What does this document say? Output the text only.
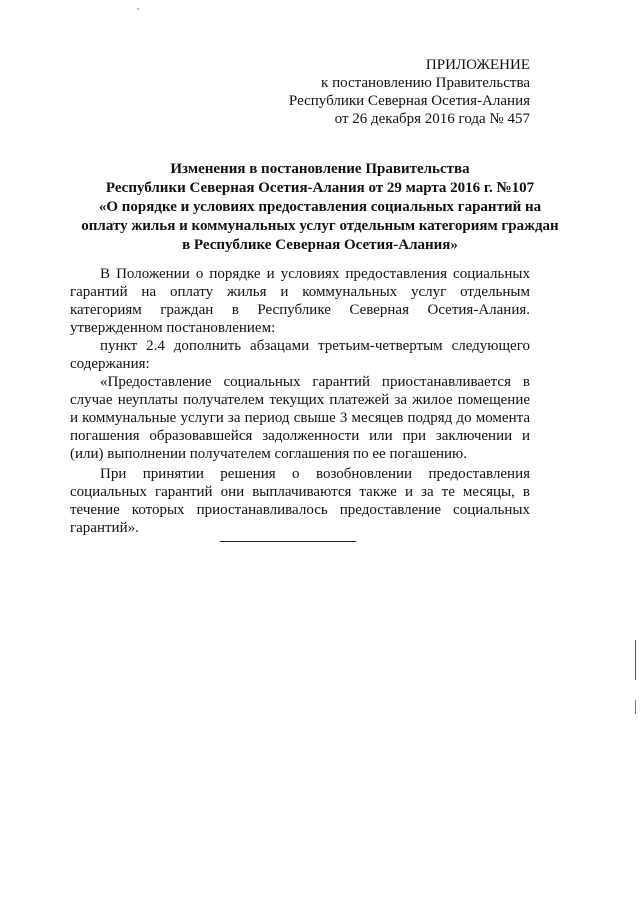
ПРИЛОЖЕНИЕ
к постановлению Правительства
Республики Северная Осетия-Алания
от 26 декабря 2016 года № 457
Изменения в постановление Правительства
Республики Северная Осетия-Алания от 29 марта 2016 г. №107
«О порядке и условиях предоставления социальных гарантий на
оплату жилья и коммунальных услуг отдельным категориям граждан
в Республике Северная Осетия-Алания»

В Положении о порядке и условиях предоставления социальных гарантий на оплату жилья и коммунальных услуг отдельным категориям граждан в Республике Северная Осетия-Алания. утвержденном постановлением:

пункт 2.4 дополнить абзацами третьим-четвертым следующего содержания:

«Предоставление социальных гарантий приостанавливается в случае неуплаты получателем текущих платежей за жилое помещение и коммунальные услуги за период свыше 3 месяцев подряд до момента погашения образовавшейся задолженности или при заключении и (или) выполнении получателем соглашения по ее погашению.

При принятии решения о возобновлении предоставления социальных гарантий они выплачиваются также и за те месяцы, в течение которых приостанавливалось предоставление социальных гарантий».
